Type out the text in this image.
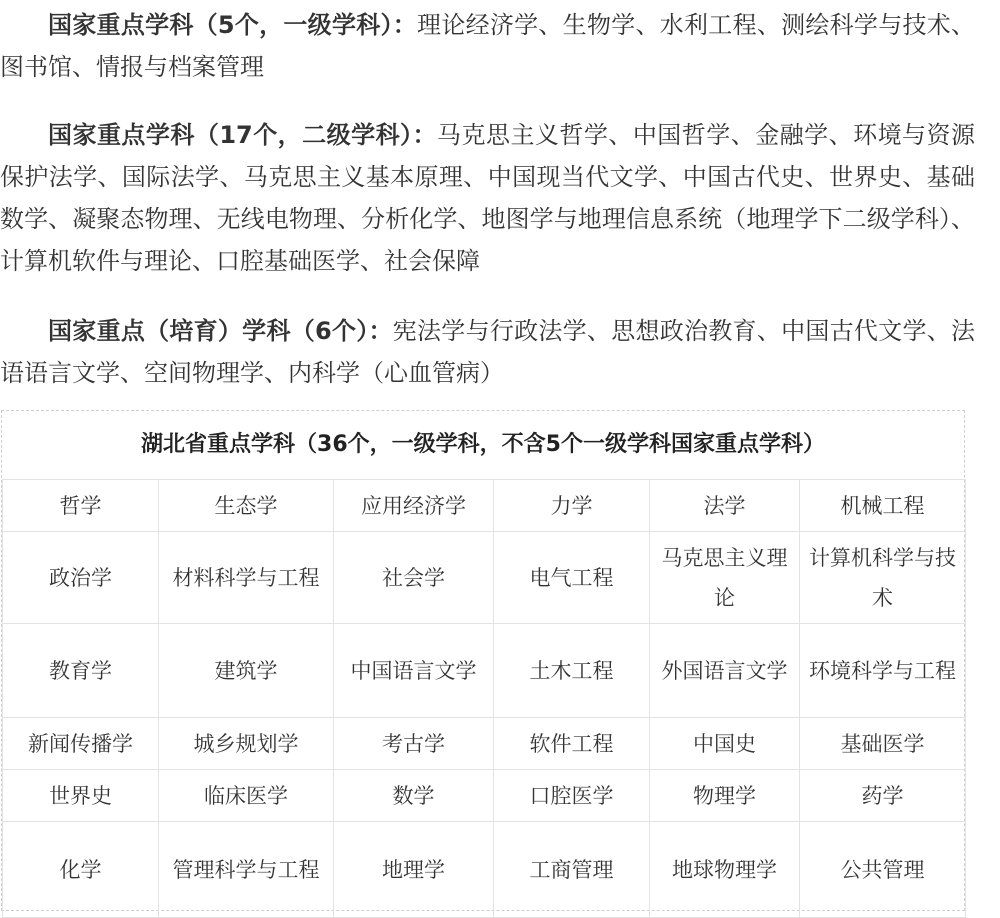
国家重点学科（5个，一级学科）：理论经济学、生物学、水利工程、测绘科学与技术、图书馆、情报与档案管理

国家重点学科（17个，二级学科）：马克思主义哲学、中国哲学、金融学、环境与资源保护法学、国际法学、马克思主义基本原理、中国现当代文学、中国古代史、世界史、基础数学、凝聚态物理、无线电物理、分析化学、地图学与地理信息系统（地理学下二级学科）、计算机软件与理论、口腔基础医学、社会保障

国家重点（培育）学科（6个）：宪法学与行政法学、思想政治教育、中国古代文学、法语语言文学、空间物理学、内科学（心血管病）

湖北省重点学科（36个，一级学科，不含5个一级学科国家重点学科）
哲学	生态学	应用经济学	力学	法学	机械工程
政治学	材料科学与工程	社会学	电气工程	马克思主义理论	计算机科学与技术
教育学	建筑学	中国语言文学	土木工程	外国语言文学	环境科学与工程
新闻传播学	城乡规划学	考古学	软件工程	中国史	基础医学
世界史	临床医学	数学	口腔医学	物理学	药学
化学	管理科学与工程	地理学	工商管理	地球物理学	公共管理
